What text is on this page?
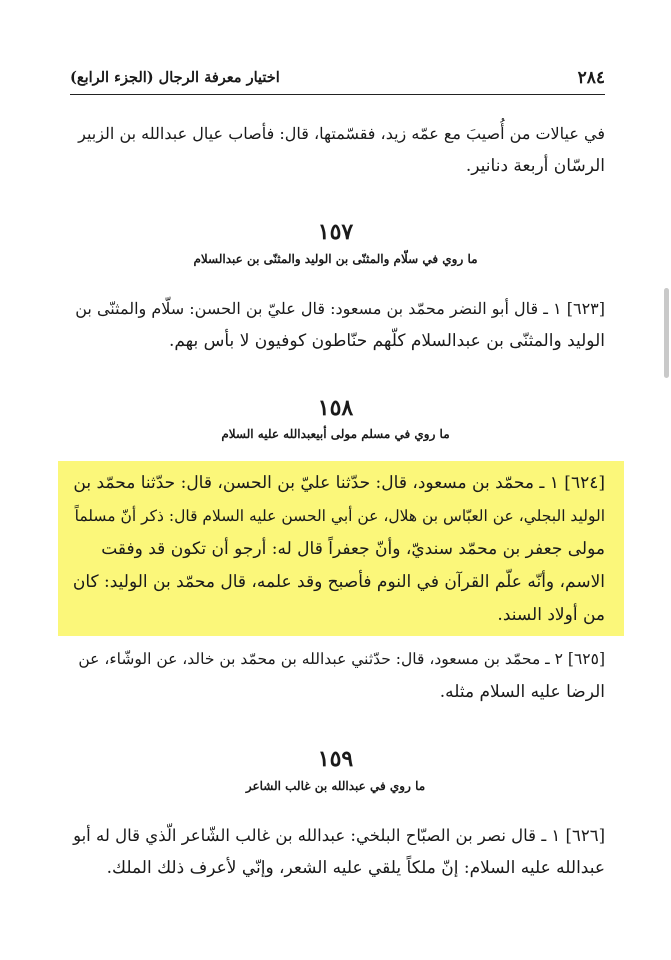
٢٨٤
اختيار معرفة الرجال (الجزء الرابع)
في عيالات من أُصيبَ مع عمّه زيد، فقسّمتها، قال: فأصاب عيال عبدالله بن الزبير
الرسّان أربعة دنانير.
١٥٧
ما روي في سلّام والمثنّى بن الوليد والمثنّى بن عبدالسلام
[٦٢٣] ١ ـ قال أبو النضر محمّد بن مسعود: قال عليّ بن الحسن: سلّام والمثنّى بن
الوليد والمثنّى بن عبدالسلام كلّهم حنّاطون كوفيون لا بأس بهم.
١٥٨
ما روي في مسلم مولى أبيعبدالله عليه السلام
[٦٢٤] ١ ـ محمّد بن مسعود، قال: حدّثنا عليّ بن الحسن، قال: حدّثنا محمّد بن
الوليد البجلي، عن العبّاس بن هلال، عن أبي الحسن عليه السلام قال: ذكر أنّ مسلماً
مولى جعفر بن محمّد سنديّ، وأنّ جعفراً قال له: أرجو أن تكون قد وفقت
الاسم، وأنّه علّم القرآن في النوم فأصبح وقد علمه، قال محمّد بن الوليد: كان
من أولاد السند.
[٦٢٥] ٢ ـ محمّد بن مسعود، قال: حدّثني عبدالله بن محمّد بن خالد، عن الوشّاء، عن
الرضا عليه السلام مثله.
١٥٩
ما روي في عبدالله بن غالب الشاعر
[٦٢٦] ١ ـ قال نصر بن الصبّاح البلخي: عبدالله بن غالب الشّاعر الّذي قال له أبو
عبدالله عليه السلام: إنّ ملكاً يلقي عليه الشعر، وإنّي لأعرف ذلك الملك.
